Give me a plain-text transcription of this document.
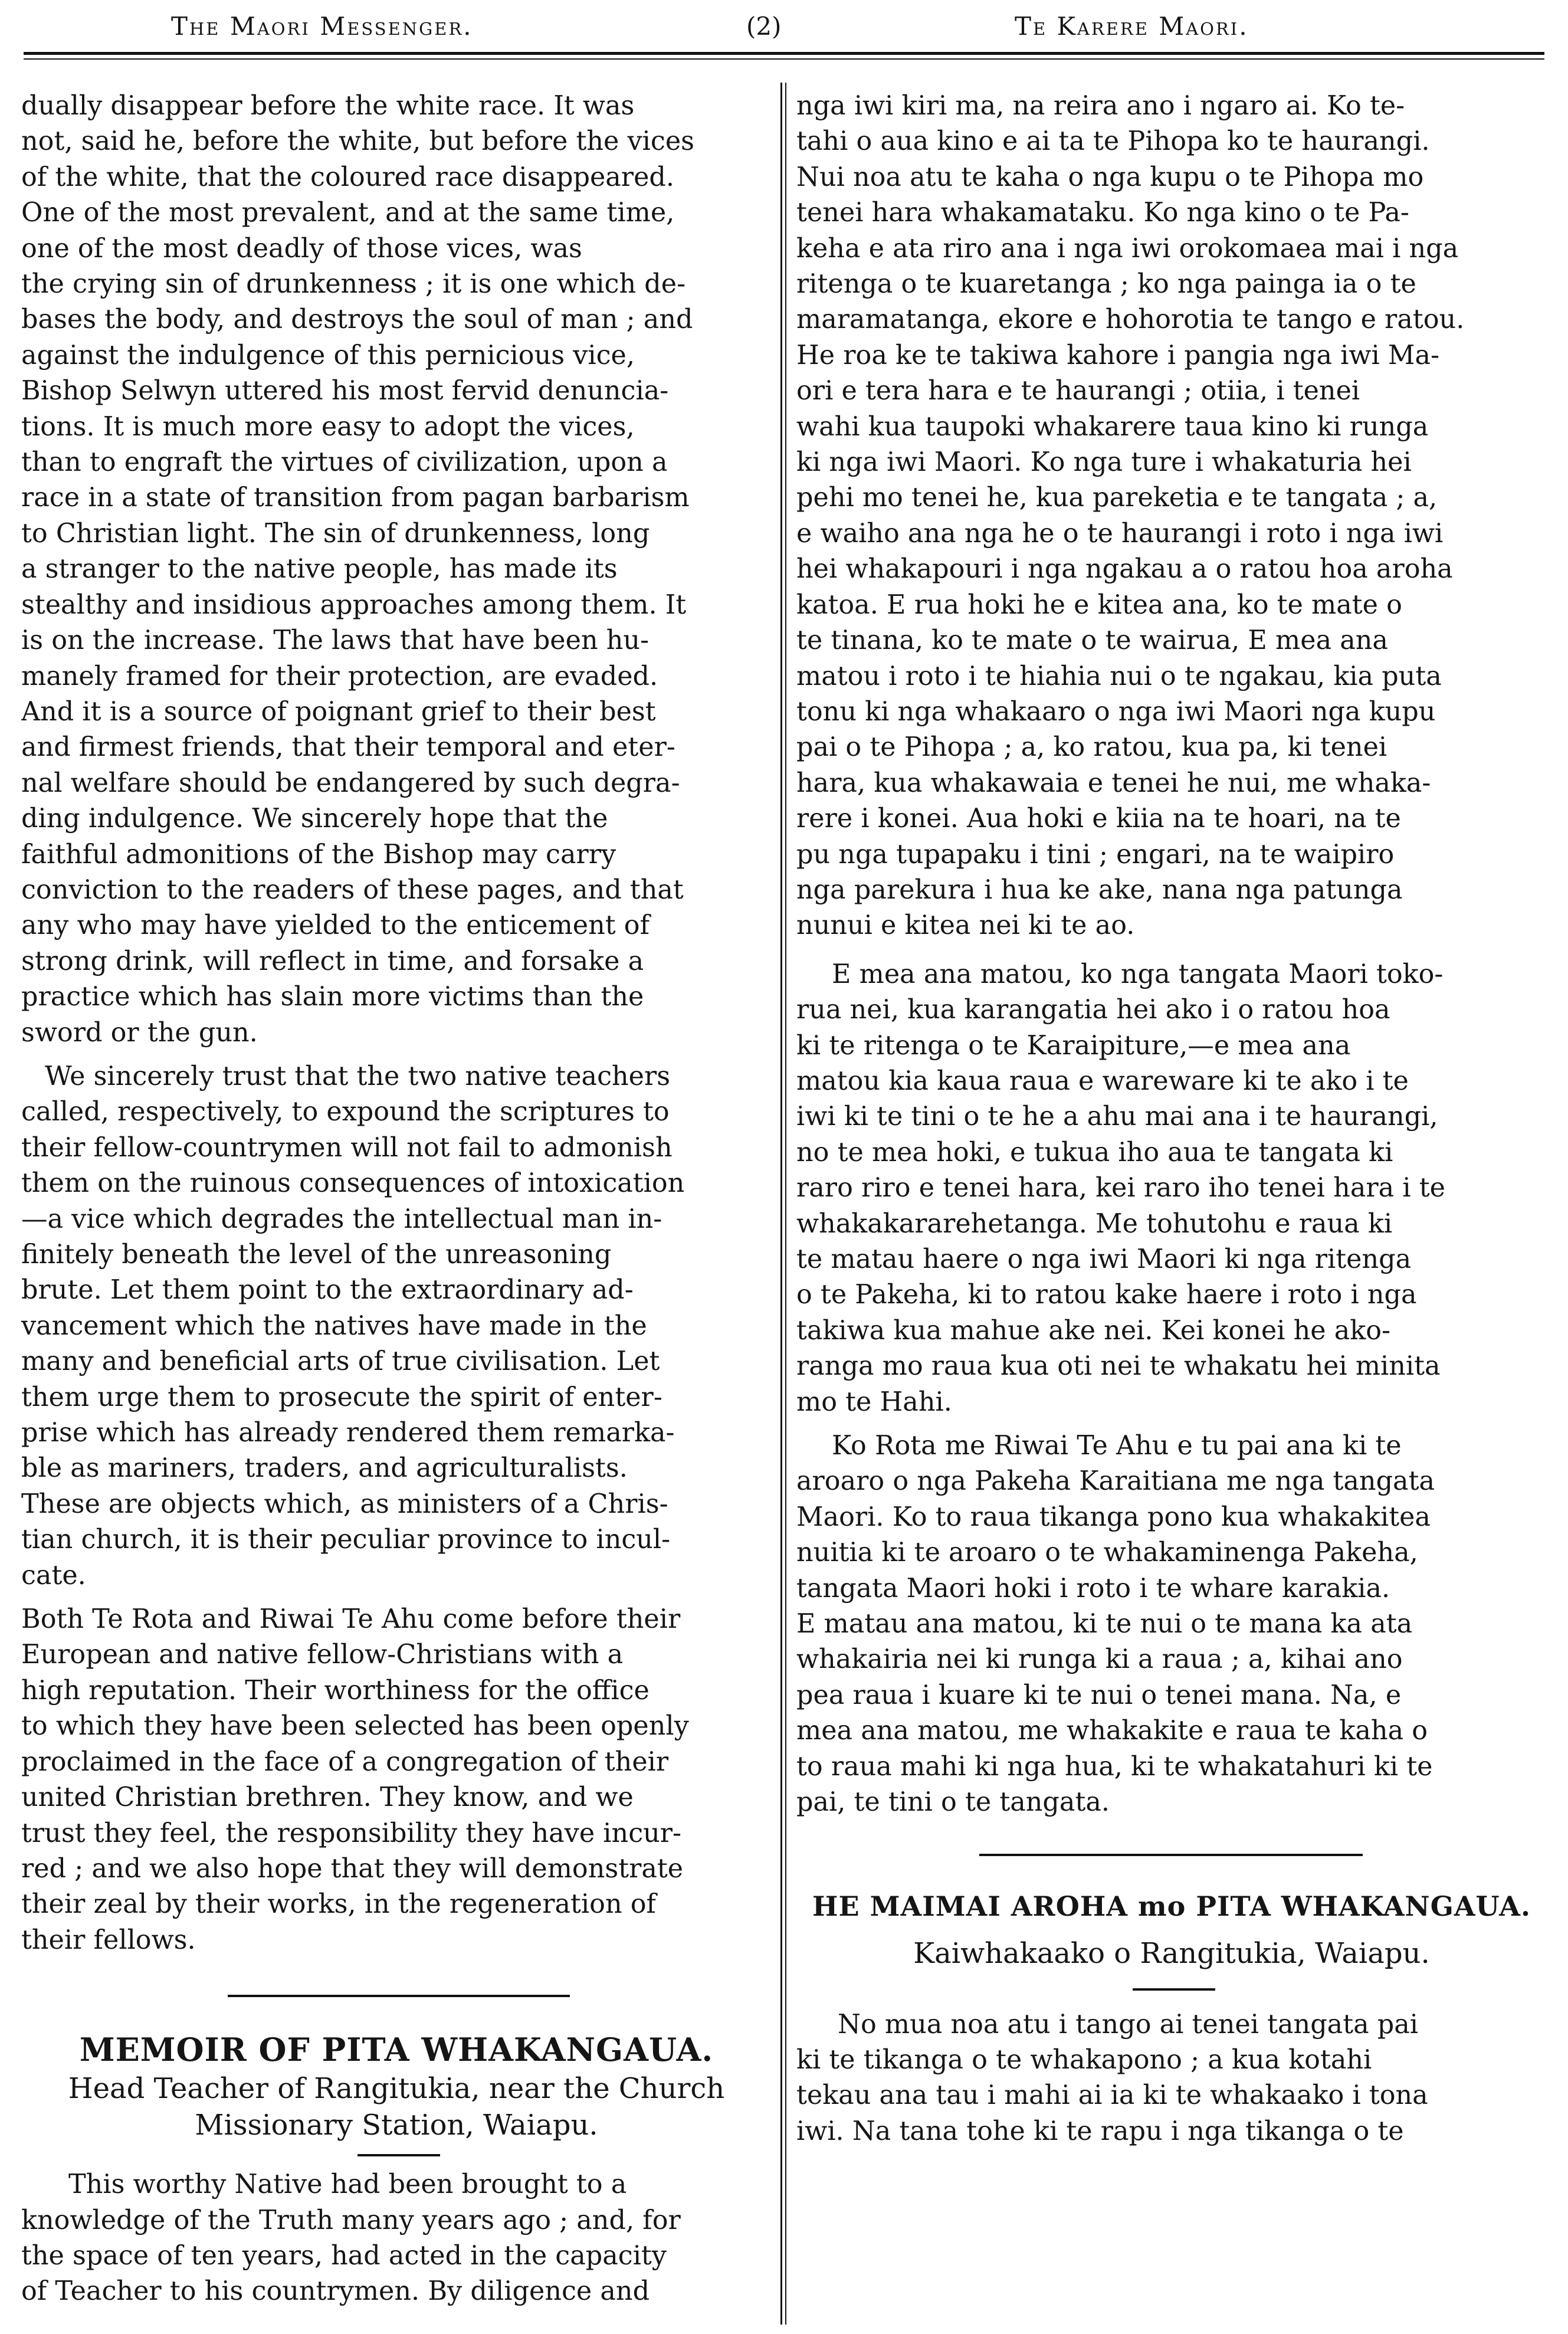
The Maori Messenger.	(2)	Te Karere Maori.

dually disappear before the white race. It was
not, said he, before the white, but before the vices
of the white, that the coloured race disappeared.
One of the most prevalent, and at the same time,
one of the most deadly of those vices, was
the crying sin of drunkenness ; it is one which de-
bases the body, and destroys the soul of man ; and
against the indulgence of this pernicious vice,
Bishop Selwyn uttered his most fervid denuncia-
tions. It is much more easy to adopt the vices,
than to engraft the virtues of civilization, upon a
race in a state of transition from pagan barbarism
to Christian light. The sin of drunkenness, long
a stranger to the native people, has made its
stealthy and insidious approaches among them. It
is on the increase. The laws that have been hu-
manely framed for their protection, are evaded.
And it is a source of poignant grief to their best
and firmest friends, that their temporal and eter-
nal welfare should be endangered by such degra-
ding indulgence. We sincerely hope that the
faithful admonitions of the Bishop may carry
conviction to the readers of these pages, and that
any who may have yielded to the enticement of
strong drink, will reflect in time, and forsake a
practice which has slain more victims than the
sword or the gun.

We sincerely trust that the two native teachers
called, respectively, to expound the scriptures to
their fellow-countrymen will not fail to admonish
them on the ruinous consequences of intoxication
—a vice which degrades the intellectual man in-
finitely beneath the level of the unreasoning
brute. Let them point to the extraordinary ad-
vancement which the natives have made in the
many and beneficial arts of true civilisation. Let
them urge them to prosecute the spirit of enter-
prise which has already rendered them remarka-
ble as mariners, traders, and agriculturalists.
These are objects which, as ministers of a Chris-
tian church, it is their peculiar province to incul-
cate.

Both Te Rota and Riwai Te Ahu come before their
European and native fellow-Christians with a
high reputation. Their worthiness for the office
to which they have been selected has been openly
proclaimed in the face of a congregation of their
united Christian brethren. They know, and we
trust they feel, the responsibility they have incur-
red ; and we also hope that they will demonstrate
their zeal by their works, in the regeneration of
their fellows.

MEMOIR OF PITA WHAKANGAUA.
Head Teacher of Rangitukia, near the Church
Missionary Station, Waiapu.

This worthy Native had been brought to a
knowledge of the Truth many years ago ; and, for
the space of ten years, had acted in the capacity
of Teacher to his countrymen. By diligence and

nga iwi kiri ma, na reira ano i ngaro ai. Ko te-
tahi o aua kino e ai ta te Pihopa ko te haurangi.
Nui noa atu te kaha o nga kupu o te Pihopa mo
tenei hara whakamataku. Ko nga kino o te Pa-
keha e ata riro ana i nga iwi orokomaea mai i nga
ritenga o te kuaretanga ; ko nga painga ia o te
maramatanga, ekore e hohorotia te tango e ratou.
He roa ke te takiwa kahore i pangia nga iwi Ma-
ori e tera hara e te haurangi ; otiia, i tenei
wahi kua taupoki whakarere taua kino ki runga
ki nga iwi Maori. Ko nga ture i whakaturia hei
pehi mo tenei he, kua pareketia e te tangata ; a,
e waiho ana nga he o te haurangi i roto i nga iwi
hei whakapouri i nga ngakau a o ratou hoa aroha
katoa. E rua hoki he e kitea ana, ko te mate o
te tinana, ko te mate o te wairua, E mea ana
matou i roto i te hiahia nui o te ngakau, kia puta
tonu ki nga whakaaro o nga iwi Maori nga kupu
pai o te Pihopa ; a, ko ratou, kua pa, ki tenei
hara, kua whakawaia e tenei he nui, me whaka-
rere i konei. Aua hoki e kiia na te hoari, na te
pu nga tupapaku i tini ; engari, na te waipiro
nga parekura i hua ke ake, nana nga patunga
nunui e kitea nei ki te ao.

E mea ana matou, ko nga tangata Maori toko-
rua nei, kua karangatia hei ako i o ratou hoa
ki te ritenga o te Karaipiture,—e mea ana
matou kia kaua raua e wareware ki te ako i te
iwi ki te tini o te he a ahu mai ana i te haurangi,
no te mea hoki, e tukua iho aua te tangata ki
raro riro e tenei hara, kei raro iho tenei hara i te
whakakararehetanga. Me tohutohu e raua ki
te matau haere o nga iwi Maori ki nga ritenga
o te Pakeha, ki to ratou kake haere i roto i nga
takiwa kua mahue ake nei. Kei konei he ako-
ranga mo raua kua oti nei te whakatu hei minita
mo te Hahi.

Ko Rota me Riwai Te Ahu e tu pai ana ki te
aroaro o nga Pakeha Karaitiana me nga tangata
Maori. Ko to raua tikanga pono kua whakakitea
nuitia ki te aroaro o te whakaminenga Pakeha,
tangata Maori hoki i roto i te whare karakia.
E matau ana matou, ki te nui o te mana ka ata
whakairia nei ki runga ki a raua ; a, kihai ano
pea raua i kuare ki te nui o tenei mana. Na, e
mea ana matou, me whakakite e raua te kaha o
to raua mahi ki nga hua, ki te whakatahuri ki te
pai, te tini o te tangata.

HE MAIMAI AROHA mo PITA WHAKANGAUA.
Kaiwhakaako o Rangitukia, Waiapu.

No mua noa atu i tango ai tenei tangata pai
ki te tikanga o te whakapono ; a kua kotahi
tekau ana tau i mahi ai ia ki te whakaako i tona
iwi. Na tana tohe ki te rapu i nga tikanga o te
